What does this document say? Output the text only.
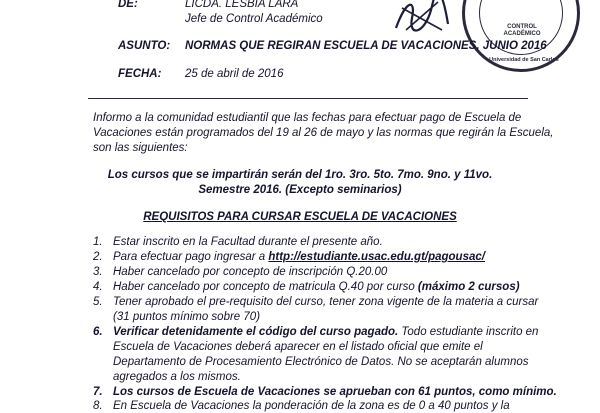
CONTROL
ACADÉMICO
Universidad de San Carlos
DE:	LICDA. LESBIA LARA
Jefe de Control Académico
ASUNTO: NORMAS QUE REGIRAN ESCUELA DE VACACIONES, JUNIO 2016
FECHA: 25 de abril de 2016
Informo a la comunidad estudiantil que las fechas para efectuar pago de Escuela de
Vacaciones están programados del 19 al 26 de mayo y las normas que regirán la Escuela,
son las siguientes:
Los cursos que se impartirán serán del 1ro. 3ro. 5to. 7mo. 9no. y 11vo.
Semestre 2016. (Excepto seminarios)
REQUISITOS PARA CURSAR ESCUELA DE VACACIONES
1. Estar inscrito en la Facultad durante el presente año.
2. Para efectuar pago ingresar a http://estudiante.usac.edu.gt/pagousac/
3. Haber cancelado por concepto de inscripción Q.20.00
4. Haber cancelado por concepto de matricula Q.40 por curso (máximo 2 cursos)
5. Tener aprobado el pre-requisito del curso, tener zona vigente de la materia a cursar
(31 puntos mínimo sobre 70)
6. Verificar detenidamente el código del curso pagado. Todo estudiante inscrito en
Escuela de Vacaciones deberá aparecer en el listado oficial que emite el
Departamento de Procesamiento Electrónico de Datos. No se aceptarán alumnos
agregados a los mismos.
7. Los cursos de Escuela de Vacaciones se aprueban con 61 puntos, como mínimo.
8. En Escuela de Vacaciones la ponderación de la zona es de 0 a 40 puntos y la
